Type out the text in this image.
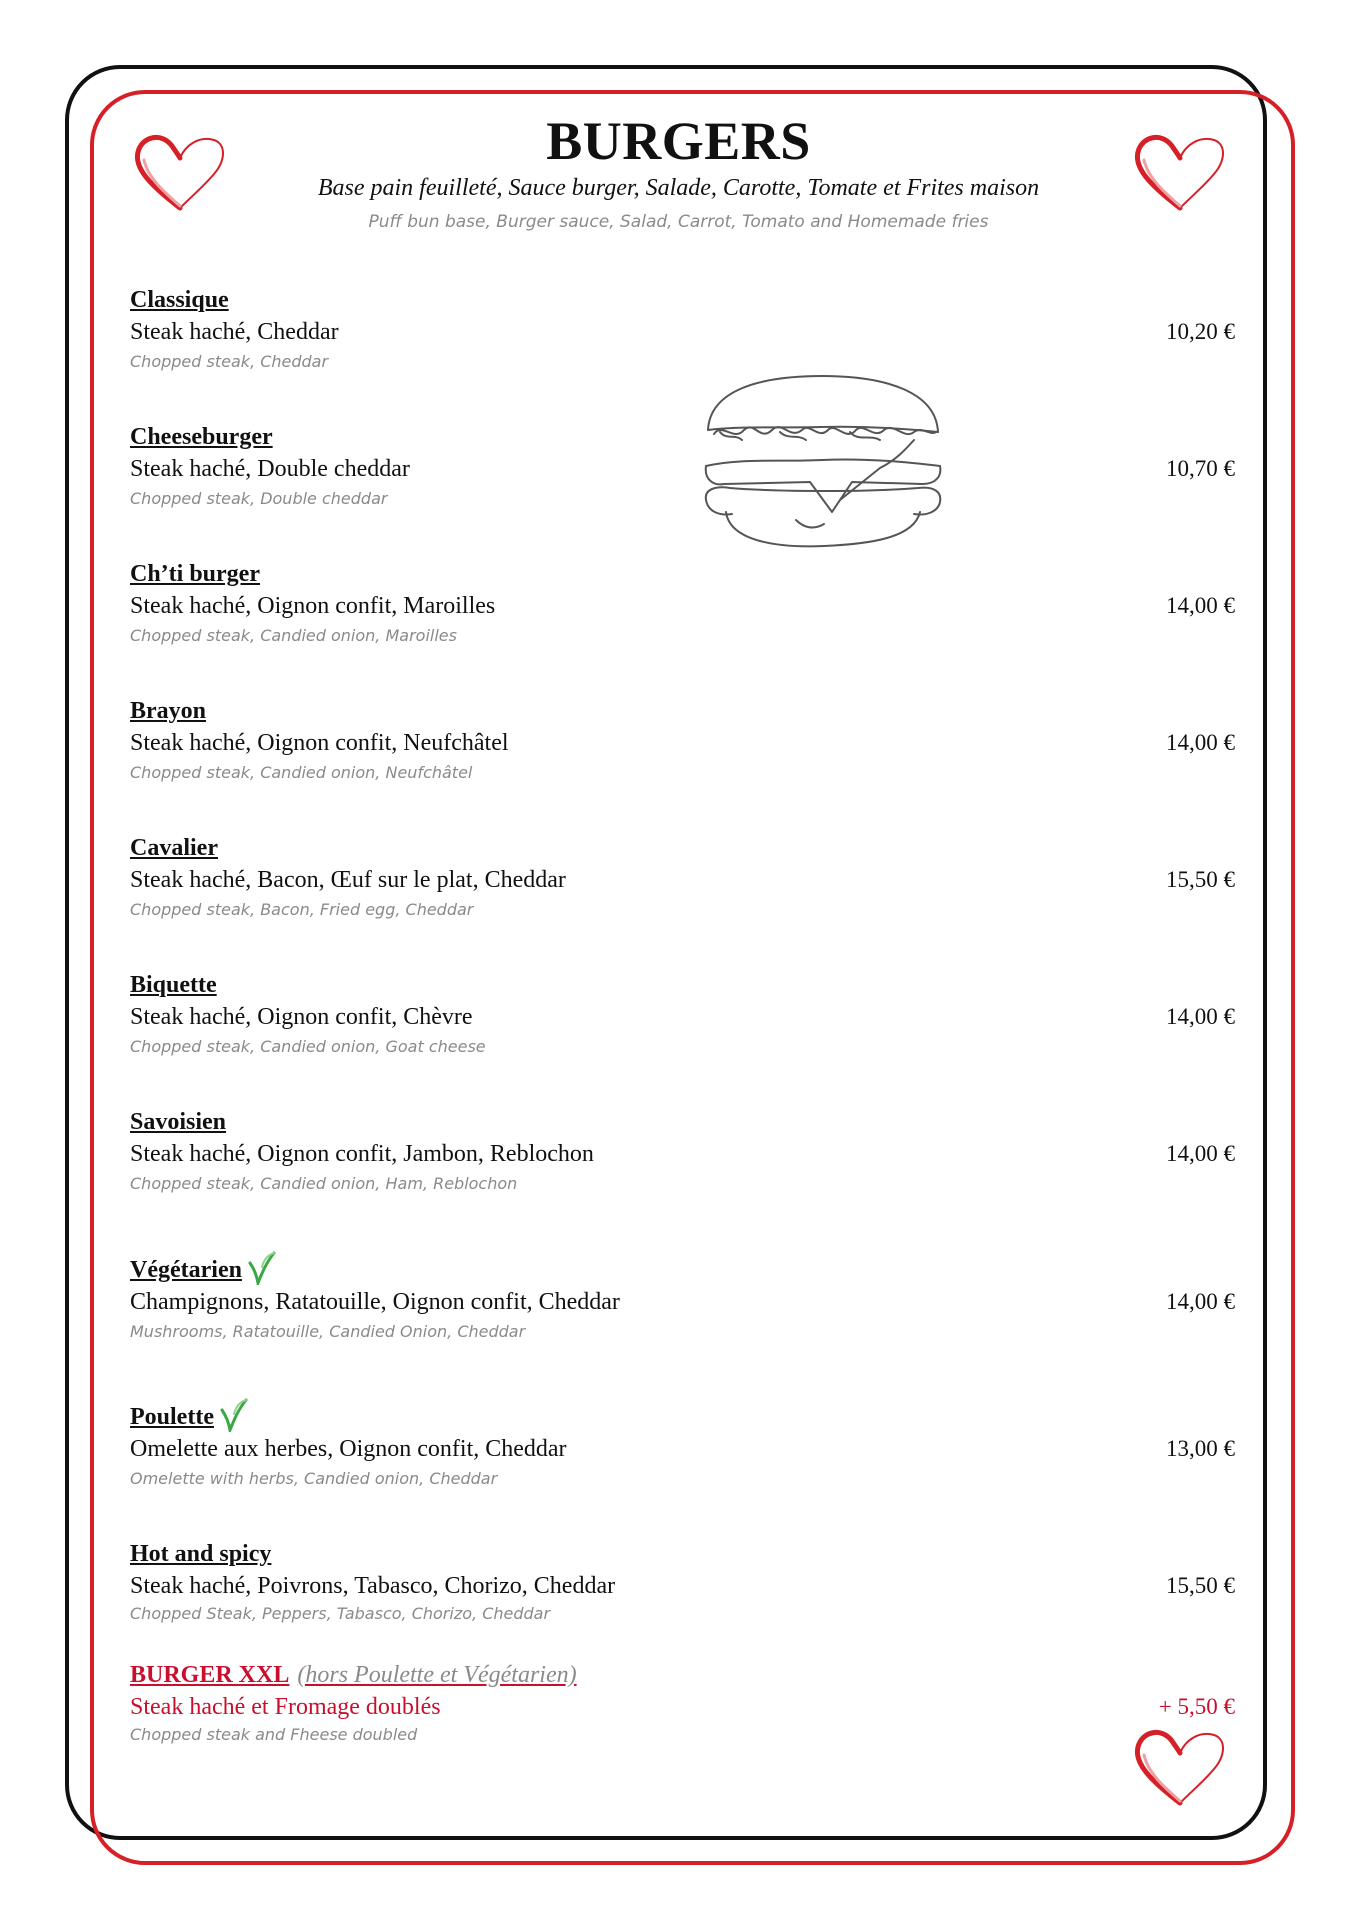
BURGERS
Base pain feuilleté, Sauce burger, Salade, Carotte, Tomate et Frites maison
Puff bun base, Burger sauce, Salad, Carrot, Tomato and Homemade fries
Classique
Steak haché, Cheddar	10,20 €
Chopped steak, Cheddar
Cheeseburger
Steak haché, Double cheddar	10,70 €
Chopped steak, Double cheddar
Ch’ti burger
Steak haché, Oignon confit, Maroilles	14,00 €
Chopped steak, Candied onion, Maroilles
Brayon
Steak haché, Oignon confit, Neufchâtel	14,00 €
Chopped steak, Candied onion, Neufchâtel
Cavalier
Steak haché, Bacon, Œuf sur le plat, Cheddar	15,50 €
Chopped steak, Bacon, Fried egg, Cheddar
Biquette
Steak haché, Oignon confit, Chèvre	14,00 €
Chopped steak, Candied onion, Goat cheese
Savoisien
Steak haché, Oignon confit, Jambon, Reblochon	14,00 €
Chopped steak, Candied onion, Ham, Reblochon
Végétarien
Champignons, Ratatouille, Oignon confit, Cheddar	14,00 €
Mushrooms, Ratatouille, Candied Onion, Cheddar
Poulette
Omelette aux herbes, Oignon confit, Cheddar	13,00 €
Omelette with herbs, Candied onion, Cheddar
Hot and spicy
Steak haché, Poivrons, Tabasco, Chorizo, Cheddar	15,50 €
Chopped Steak, Peppers, Tabasco, Chorizo, Cheddar
BURGER XXL (hors Poulette et Végétarien)
Steak haché et Fromage doublés	+ 5,50 €
Chopped steak and Fheese doubled
